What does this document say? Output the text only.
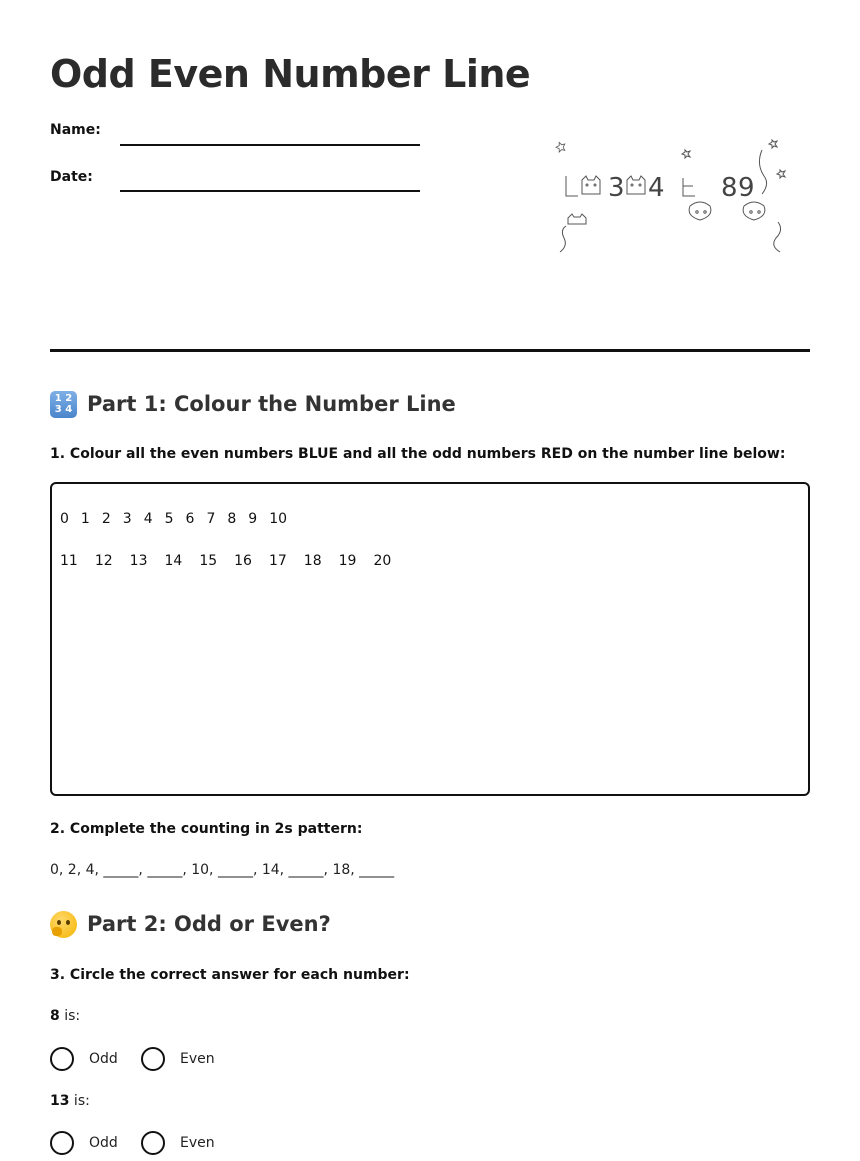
Odd Even Number Line
Name:
Date:	3 4 8 9
1 2
3 4 Part 1: Colour the Number Line
1. Colour all the even numbers BLUE and all the odd numbers RED on the number line below:
0 1 2 3 4 5 6 7 8 9 10
11 12 13 14 15 16 17 18 19 20
2. Complete the counting in 2s pattern:
0, 2, 4, _____, _____, 10, _____, 14, _____, 18, _____
Part 2: Odd or Even?
3. Circle the correct answer for each number:
8 is:
Odd	Even
13 is:
Odd	Even
